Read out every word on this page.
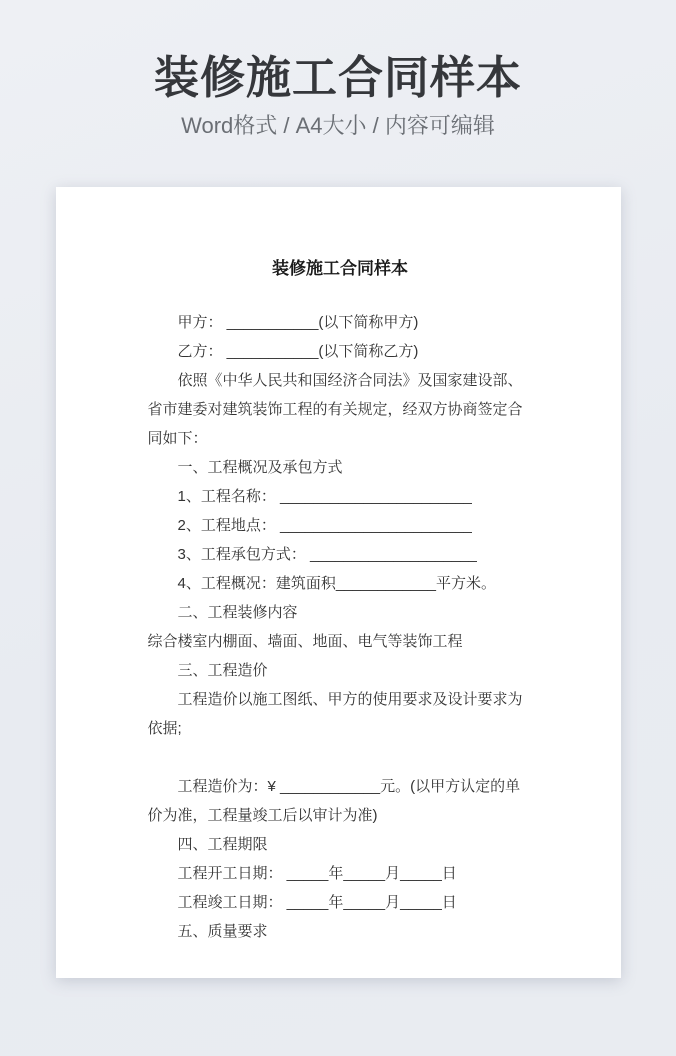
装修施工合同样本
Word格式 / A4大小 / 内容可编辑
装修施工合同样本

甲方： ___________(以下简称甲方)

乙方： ___________(以下简称乙方)

依照《中华人民共和国经济合同法》及国家建设部、省市建委对建筑装饰工程的有关规定，经双方协商签定合同如下：

一、工程概况及承包方式

1、工程名称： _______________________

2、工程地点： _______________________

3、工程承包方式： ____________________

4、工程概况：建筑面积____________平方米。

二、工程装修内容

综合楼室内棚面、墙面、地面、电气等装饰工程

三、工程造价

工程造价以施工图纸、甲方的使用要求及设计要求为依据;

工程造价为：¥ ____________元。(以甲方认定的单价为准，工程量竣工后以审计为准)

四、工程期限

工程开工日期： _____年_____月_____日

工程竣工日期： _____年_____月_____日

五、质量要求
